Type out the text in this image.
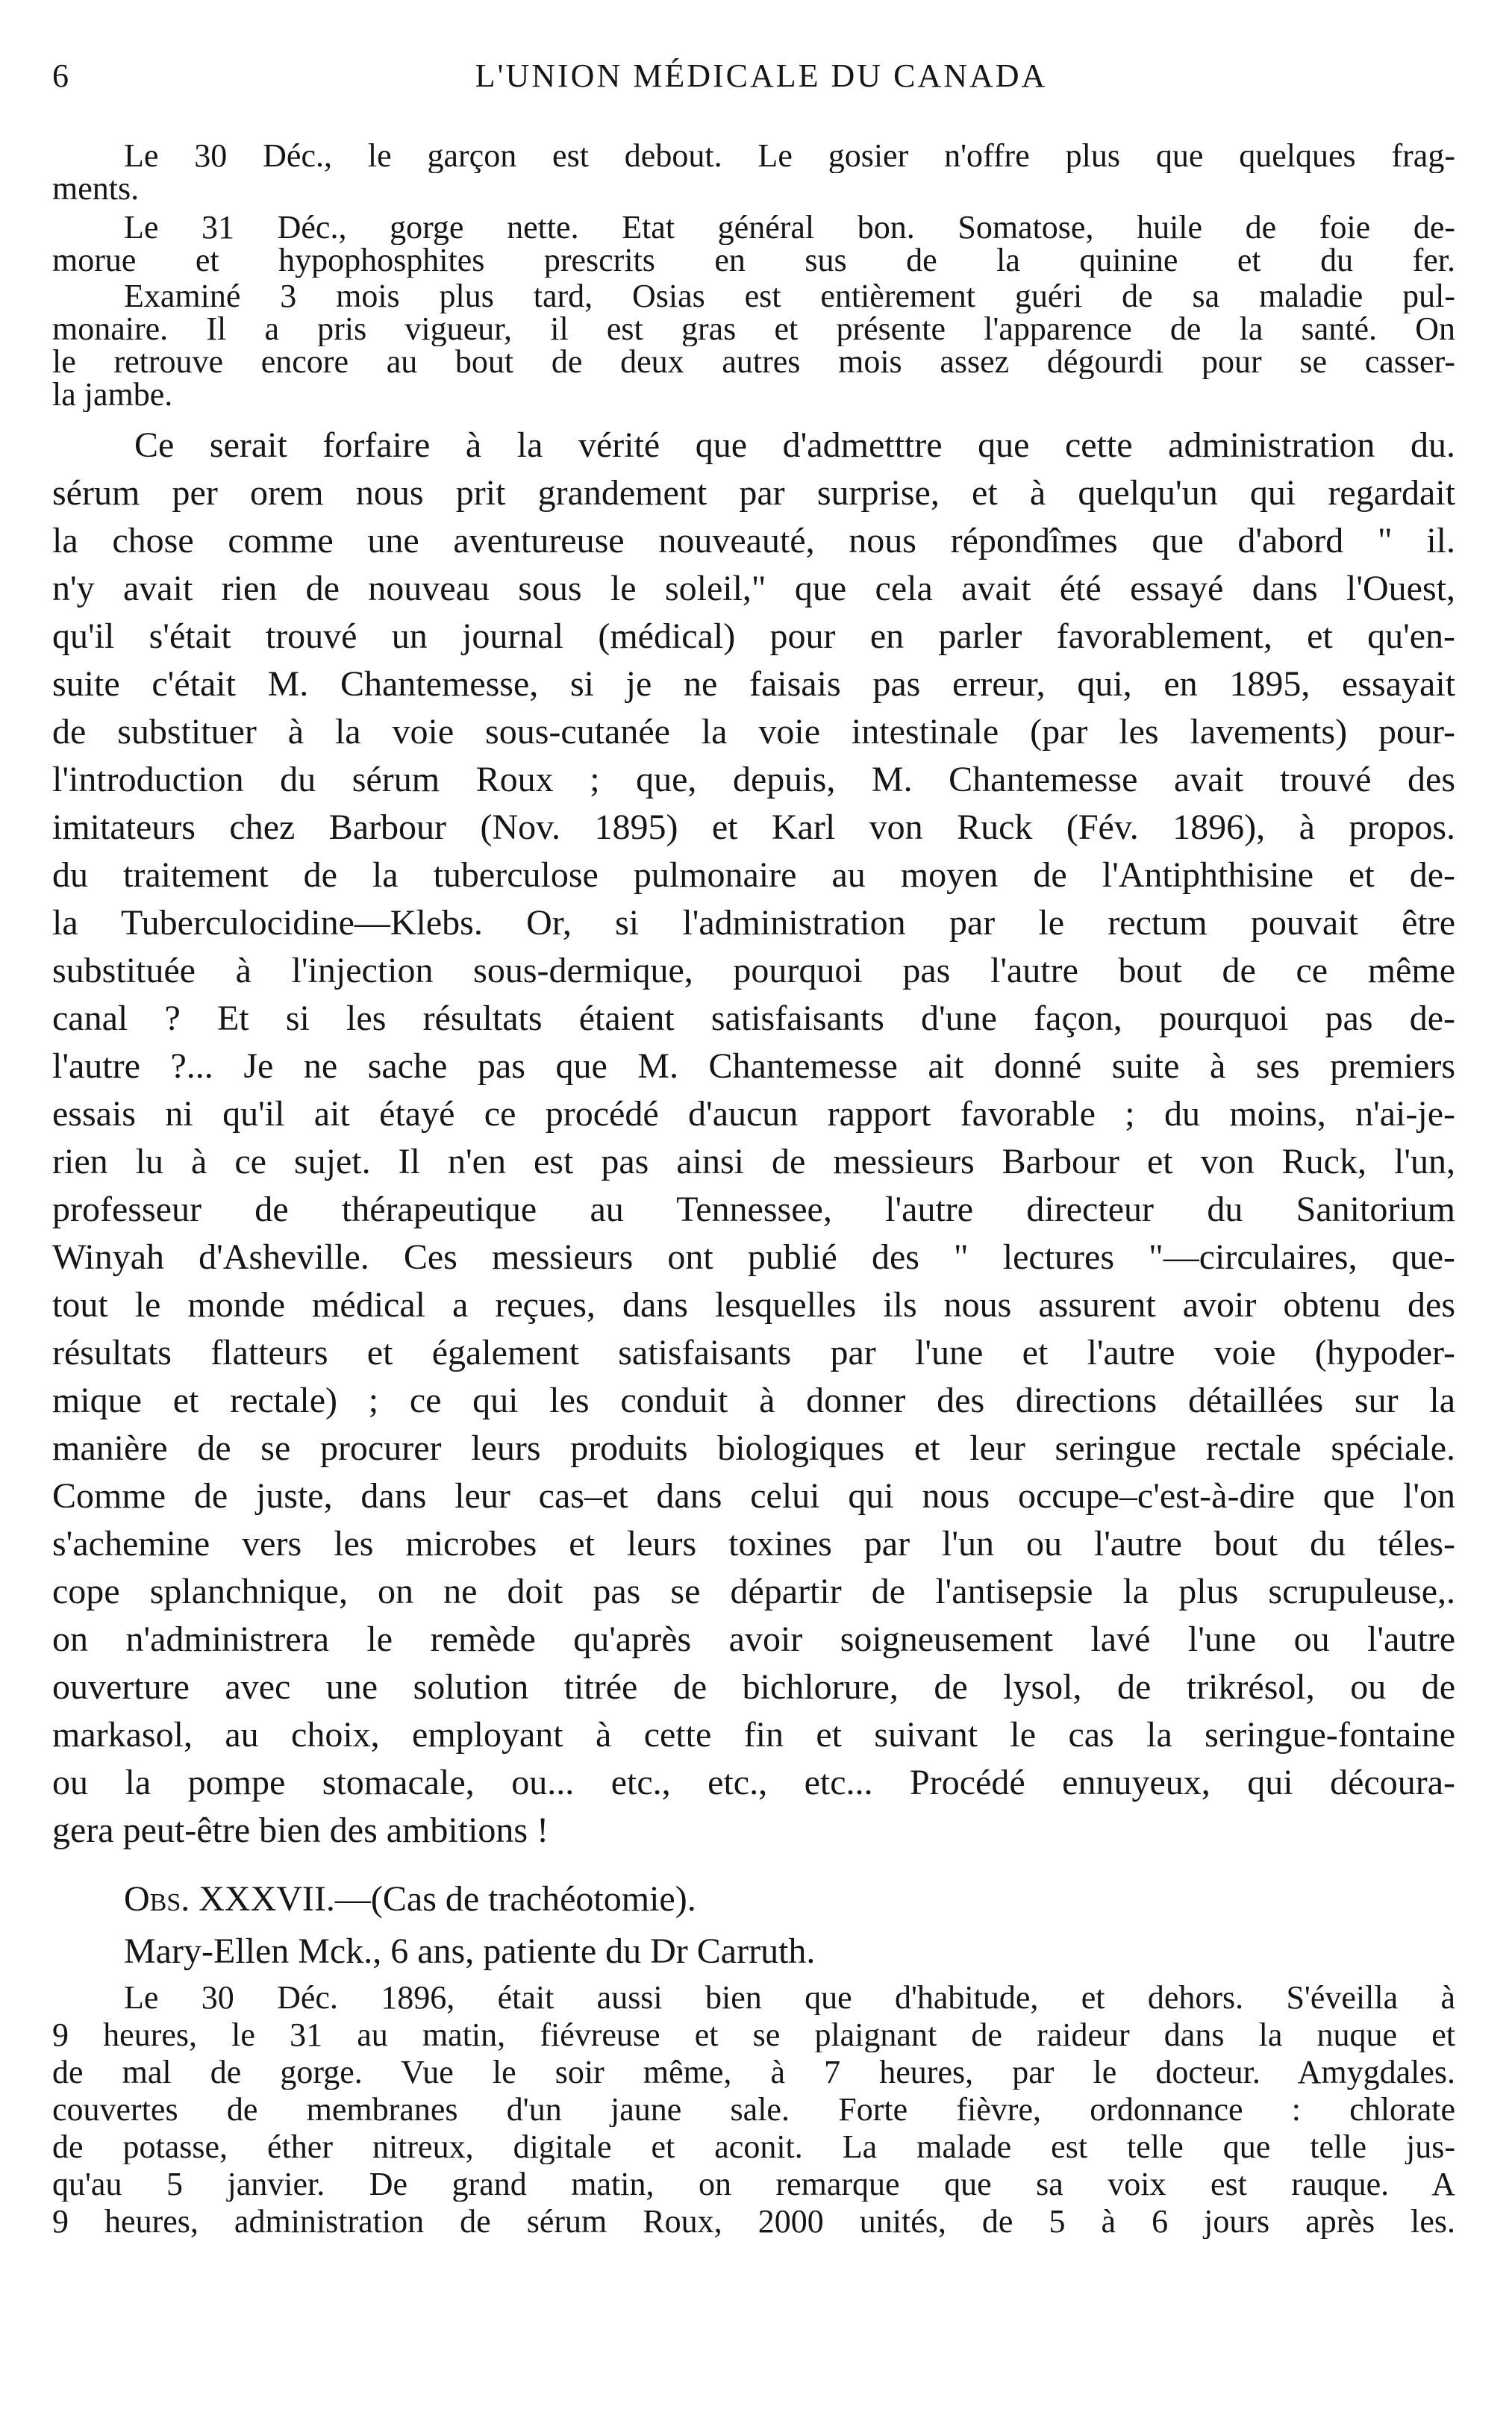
6	L'UNION MÉDICALE DU CANADA

Le 30 Déc., le garçon est debout. Le gosier n'offre plus que quelques frag-

ments.

Le 31 Déc., gorge nette. Etat général bon. Somatose, huile de foie de-

morue et hypophosphites prescrits en sus de la quinine et du fer.

Examiné 3 mois plus tard, Osias est entièrement guéri de sa maladie pul-

monaire. Il a pris vigueur, il est gras et présente l'apparence de la santé. On

le retrouve encore au bout de deux autres mois assez dégourdi pour se casser-

la jambe.

Ce serait forfaire à la vérité que d'admetttre que cette administration du.

sérum per orem nous prit grandement par surprise, et à quelqu'un qui regardait

la chose comme une aventureuse nouveauté, nous répondîmes que d'abord " il.

n'y avait rien de nouveau sous le soleil," que cela avait été essayé dans l'Ouest,

qu'il s'était trouvé un journal (médical) pour en parler favorablement, et qu'en-

suite c'était M. Chantemesse, si je ne faisais pas erreur, qui, en 1895, essayait

de substituer à la voie sous-cutanée la voie intestinale (par les lavements) pour-

l'introduction du sérum Roux ; que, depuis, M. Chantemesse avait trouvé des

imitateurs chez Barbour (Nov. 1895) et Karl von Ruck (Fév. 1896), à propos.

du traitement de la tuberculose pulmonaire au moyen de l'Antiphthisine et de-

la Tuberculocidine—Klebs. Or, si l'administration par le rectum pouvait être

substituée à l'injection sous-dermique, pourquoi pas l'autre bout de ce même

canal ? Et si les résultats étaient satisfaisants d'une façon, pourquoi pas de-

l'autre ?... Je ne sache pas que M. Chantemesse ait donné suite à ses premiers

essais ni qu'il ait étayé ce procédé d'aucun rapport favorable ; du moins, n'ai-je-

rien lu à ce sujet. Il n'en est pas ainsi de messieurs Barbour et von Ruck, l'un,

professeur de thérapeutique au Tennessee, l'autre directeur du Sanitorium

Winyah d'Asheville. Ces messieurs ont publié des " lectures "—circulaires, que-

tout le monde médical a reçues, dans lesquelles ils nous assurent avoir obtenu des

résultats flatteurs et également satisfaisants par l'une et l'autre voie (hypoder-

mique et rectale) ; ce qui les conduit à donner des directions détaillées sur la

manière de se procurer leurs produits biologiques et leur seringue rectale spéciale.

Comme de juste, dans leur cas–et dans celui qui nous occupe–c'est-à-dire que l'on

s'achemine vers les microbes et leurs toxines par l'un ou l'autre bout du téles-

cope splanchnique, on ne doit pas se départir de l'antisepsie la plus scrupuleuse,.

on n'administrera le remède qu'après avoir soigneusement lavé l'une ou l'autre

ouverture avec une solution titrée de bichlorure, de lysol, de trikrésol, ou de

markasol, au choix, employant à cette fin et suivant le cas la seringue-fontaine

ou la pompe stomacale, ou... etc., etc., etc... Procédé ennuyeux, qui découra-

gera peut-être bien des ambitions !

Obs. XXXVII.—(Cas de trachéotomie).

Mary-Ellen Mck., 6 ans, patiente du Dr Carruth.

Le 30 Déc. 1896, était aussi bien que d'habitude, et dehors. S'éveilla à

9 heures, le 31 au matin, fiévreuse et se plaignant de raideur dans la nuque et

de mal de gorge. Vue le soir même, à 7 heures, par le docteur. Amygdales.

couvertes de membranes d'un jaune sale. Forte fièvre, ordonnance : chlorate

de potasse, éther nitreux, digitale et aconit. La malade est telle que telle jus-

qu'au 5 janvier. De grand matin, on remarque que sa voix est rauque. A

9 heures, administration de sérum Roux, 2000 unités, de 5 à 6 jours après les.
